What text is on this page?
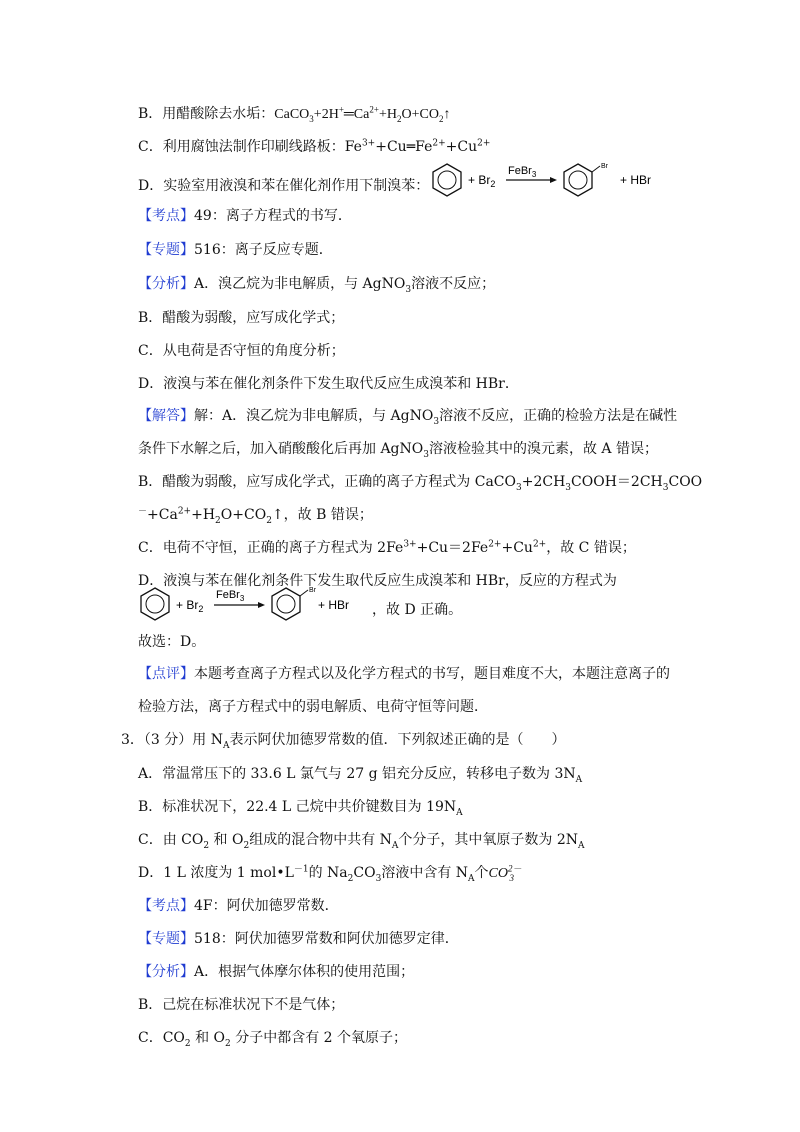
B．用醋酸除去水垢：$CaCO_3+2H^+═Ca^{2+}+H_2O+CO_2↑$
C．利用腐蚀法制作印刷线路板：$Fe^{3+}+Cu═Fe^{2+}+Cu^{2+}$
D．实验室用液溴和苯在催化剂作用下制溴苯：	+ $Br_2$
FeBr$_3$
Br
+ HBr
【考点】49：离子方程式的书写．
【专题】516：离子反应专题．
【分析】A．溴乙烷为非电解质，与 AgNO$_3$溶液不反应；
B．醋酸为弱酸，应写成化学式；
C．从电荷是否守恒的角度分析；
D．液溴与苯在催化剂条件下发生取代反应生成溴苯和 HBr．
【解答】解：A．溴乙烷为非电解质，与 AgNO$_3$溶液不反应，正确的检验方法是在碱性
条件下水解之后，加入硝酸酸化后再加 AgNO$_3$溶液检验其中的溴元素，故 A 错误；
B．醋酸为弱酸，应写成化学式，正确的离子方程式为 $CaCO_3+2CH_3COOH=2CH_3COO$
$^-+Ca^{2+}+H_2O+CO_2↑$，故 B 错误；
C．电荷不守恒，正确的离子方程式为 $2Fe^{3+}+Cu=2Fe^{2+}+Cu^{2+}$，故 C 错误；
D．液溴与苯在催化剂条件下发生取代反应生成溴苯和 HBr，反应的方程式为
+ $Br_2$
FeBr$_3$
Br
+ HBr ，故 D 正确。
故选：D。
【点评】本题考查离子方程式以及化学方程式的书写，题目难度不大，本题注意离子的
检验方法，离子方程式中的弱电解质、电荷守恒等问题．
3．（3 分）用 $N_A$表示阿伏加德罗常数的值．下列叙述正确的是（　　）
A．常温常压下的 33.6 L 氯气与 27 g 铝充分反应，转移电子数为 $3N_A$
B．标准状况下，22.4 L 己烷中共价键数目为 $19N_A$
C．由 $CO_2$ 和 $O_2$组成的混合物中共有 $N_A$个分子，其中氧原子数为 $2N_A$
D．1 L 浓度为 1 $mol•L^{-1}$的 $Na_2CO_3$溶液中含有 $N_A$个$CO^{2-}_3$
【考点】4F：阿伏加德罗常数．
【专题】518：阿伏加德罗常数和阿伏加德罗定律．
【分析】A．根据气体摩尔体积的使用范围；
B．己烷在标准状况下不是气体；
C．$CO_2$ 和 $O_2$ 分子中都含有 2 个氧原子；
